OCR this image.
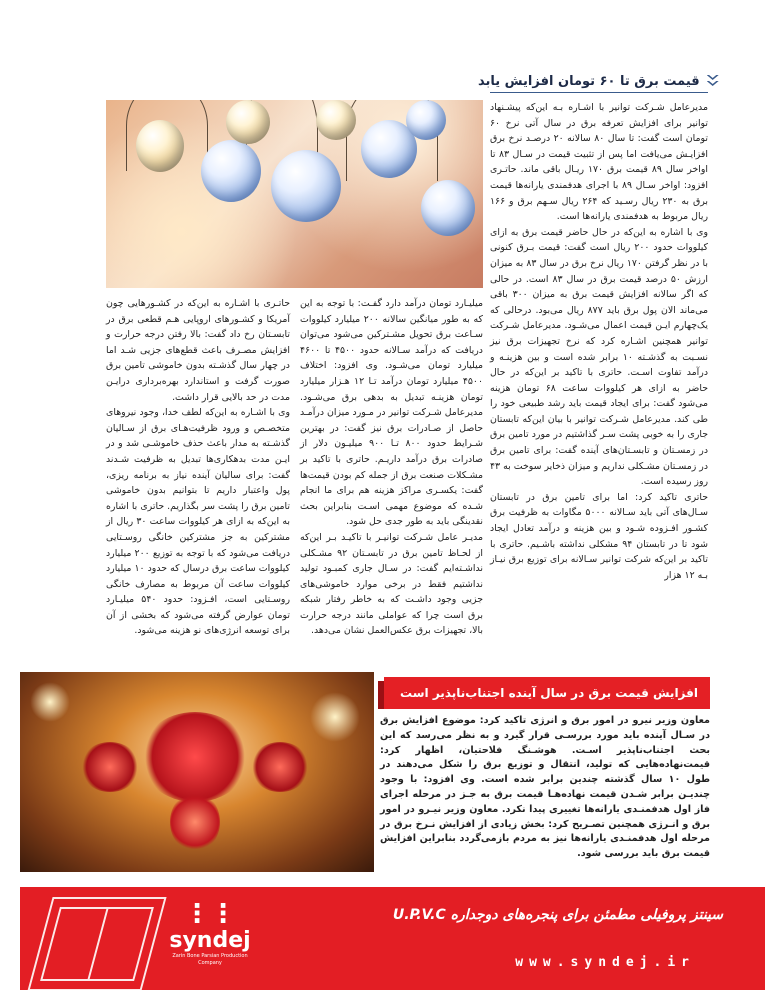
قیمت برق تا ۶۰ تومان افزایش یابد

مدیرعامل شـرکت توانیر با اشـاره بـه این‌که پیشـنهاد توانیر برای افزایش تعرفه برق در سال آتی نرخ ۶۰ تومان است گفت: تا سال ۸۰ سالانه ۲۰ درصـد نرخ برق افزایـش می‌یافت اما پس از تثبیت قیمت در سـال ۸۳ تا اواخر سال ۸۹ قیمت برق ۱۷۰ ریـال باقی ماند. حاتـری افزود: اواخر سـال ۸۹ با اجرای هدفمندی یارانه‌ها قیمت برق به ۲۳۰ ریال رسـید که ۲۶۴ ریال سـهم برق و ۱۶۶ ریال مربوط به هدفمندی یارانه‌ها است.

وی با اشاره به این‌که در حال حاضر قیمت برق به ازای کیلووات حدود ۲۰۰ ریال است گفت: قیمت بـرق کنونی با در نظر گرفتن ۱۷۰ ریال نرخ برق در سال ۸۳ به میزان ارزش ۵۰ درصد قیمت برق در سال ۸۳ است. در حالی که اگر سالانه افزایش قیمت برق به میزان ۳۰۰ باقی می‌ماند الان پول برق باید ۸۷۷ ریال می‌بود. درحالی که یک‌چهارم ایـن قیمت اعمال می‌شـود. مدیرعامل شـرکت توانیر همچنین اشـاره کرد که نرخ تجهیزات برق نیز نسـبت به گذشـته ۱۰ برابر شده است و بین هزینـه و درآمد تفاوت اسـت. حاتری با تاکید بر این‌که در حال حاضر به ازای هر کیلووات ساعت ۶۸ تومان هزینه می‌شود گفت: برای ایجاد قیمت باید رشد طبیعی خود را طی کند. مدیرعامل شـرکت توانیر با بیان این‌که تابستان جاری را به خوبی پشت سـر گذاشتیم در مورد تامین برق در زمسـتان و تابسـتان‌های آینده گفت: برای تامین برق در زمسـتان مشـکلی نداریم و میزان ذخایر سوخت به ۴۳ روز رسیده است.

حاتری تاکید کرد: اما برای تامین برق در تابستان سـال‌های آتی باید سـالانه ۵۰۰۰ مگاوات به ظرفیت برق کشـور افـزوده شـود و بین هزینه و درآمد تعادل ایجاد شود تا در تابستان ۹۴ مشکلی نداشته باشـیم. حاتری با تاکید بر این‌که شرکت توانیر سـالانه برای توزیع برق نیـاز بـه ۱۲ هزار

میلیـارد تومان درآمد دارد گفـت: با توجه به این که به طور میانگین سالانه ۲۰۰ میلیارد کیلووات سـاعت برق تحویل مشـترکین می‌شود می‌توان دریافت که درآمد سـالانه حدود ۴۵۰۰ تا ۴۶۰۰ میلیارد تومان می‌شـود. وی افزود: اختلاف ۴۵۰۰ میلیارد تومان درآمد تـا ۱۲ هـزار میلیارد تومان هزینـه تبدیل به بدهی برق می‌شـود. مدیرعامل شـرکت توانیر در مـورد میزان درآمـد حاصل از صـادرات برق نیز گفت: در بهترین شـرایط حدود ۸۰۰ تـا ۹۰۰ میلیـون دلار از صادرات برق درآمد داریـم. حاتری با تاکید بر مشـکلات صنعت برق از جمله کم بودن قیمت‌ها گفت: یکسـری مراکز هزینه هم برای ما انجام شـده که موضوع مهمی اسـت بنابراین بحث نقدینگی باید به طور جدی حل شود.

مدیـر عامل شـرکت توانیـر با تاکیـد بـر این‌که از لحـاظ تامین برق در تابسـتان ۹۲ مشـکلی نداشـته‌ایم گفت: در سـال جاری کمبـود تولید نداشتیم فقط در برخی موارد خاموشی‌های جزیی وجود داشـت که به خاطر رفتار شبکه برق است چرا که عواملی مانند درجه حرارت بالا، تجهیزات برق عکس‌العمل نشان می‌دهد.

حاتـری با اشـاره به این‌که در کشـورهایی چون آمریکا و کشـورهای اروپایی هـم قطعی برق در تابسـتان رخ داد گفت: بالا رفتن درجه حرارت و افزایش مصـرف باعث قطع‌های جزیی شـد اما در چهار سال گذشـته بدون خاموشی تامین برق صورت گرفت و استاندارد بهره‌برداری درایـن مدت در حد بالایی قرار داشت.

وی با اشـاره به این‌که لطف خدا، وجود نیروهای متخصـص و ورود ظرفیت‌هـای برق از سـالیان گذشـته به مدار باعث حذف خاموشـی شد و در ایـن مدت بدهکاری‌ها تبدیل به ظرفیت شـدند گفت: برای سالیان آینده نیاز به برنامه ریزی، پول واعتبار داریم تا بتوانیم بدون خاموشی تامین برق را پشت سر بگذاریم. حاتری با اشاره به این‌که به ازای هر کیلووات ساعت ۳۰ ریال از مشترکین به جز مشترکین خانگی روسـتایی دریافت می‌شود که با توجه به توزیع ۲۰۰ میلیارد کیلووات ساعت برق درسال که حدود ۱۰ میلیارد کیلووات ساعت آن مربوط به مصارف خانگی روسـتایی است، افـزود: حدود ۵۴۰ میلیـارد تومان عوارض گرفته می‌شود که بخشی از آن برای توسعه انرژی‌های نو هزینه می‌شود.

افزایش قیمت برق در سال آینده اجتناب‌ناپذیر است
معاون وزیر نیرو در امور برق و انرژی تاکید کرد: موضوع افزایش برق در سـال آینده باید مورد بررسـی قرار گیرد و به نظر می‌رسد که این بحث اجتناب‌ناپذیر اسـت. هوشـنگ فلاحتیان، اظهار کرد: قیمت‌نهاده‌هایی که تولید، انتقال و توزیع برق را شکل می‌دهند در طول ۱۰ سال گذشته چندین برابر شده است. وی افزود: با وجود چندیـن برابر شـدن قیمت نهاده‌هـا قیمت برق به جـز در مرحله اجرای فاز اول هدفمنـدی یارانه‌ها تغییری پیدا نکرد. معاون وزیر نیـرو در امور برق و انـرژی همچنین تصـریح کرد: بخش زیادی از افزایش نـرخ برق در مرحله اول هدفمنـدی یارانه‌ها نیز به مردم بازمی‌گردد بنابراین افزایش قیمت برق باید بررسی شود.
⋮⋮
syndej
Zarin Bone Parsian Production Company
سینتز پروفیلی مطمئن برای پنجره‌های دوجداره U.P.V.C
www.syndej.ir
